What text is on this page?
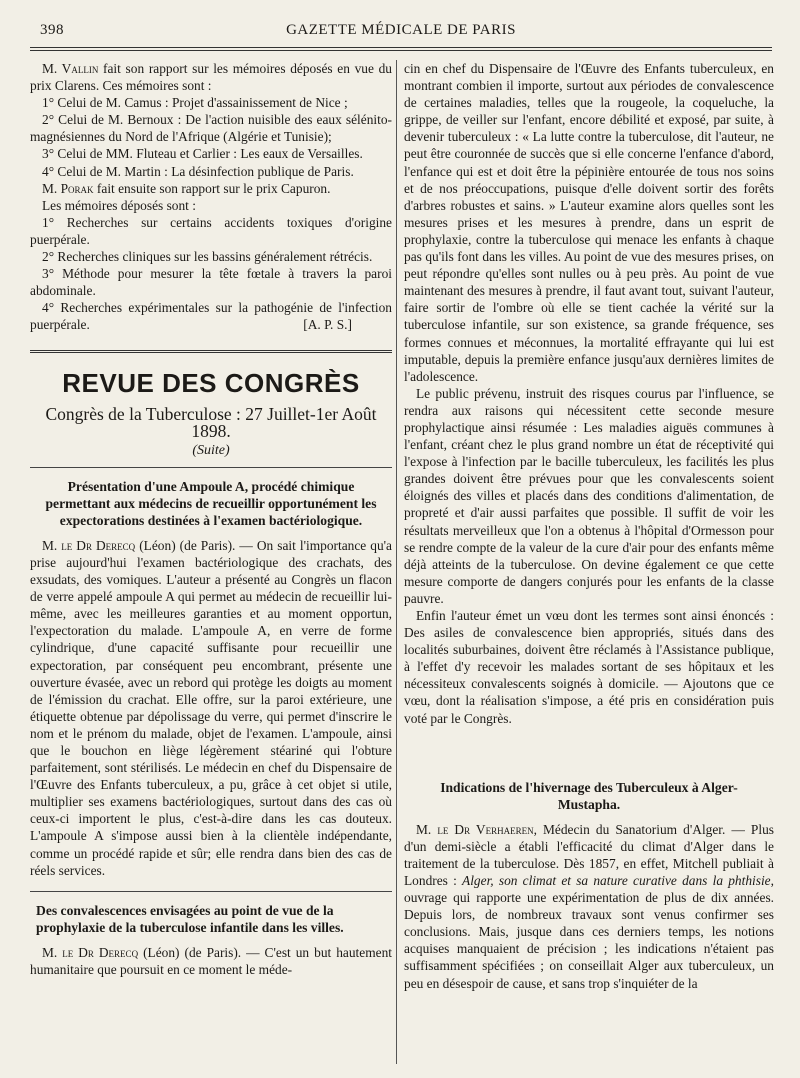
398	GAZETTE MÉDICALE DE PARIS

M. Vallin fait son rapport sur les mémoires déposés en vue du prix Clarens. Ces mémoires sont :

1° Celui de M. Camus : Projet d'assainissement de Nice ;

2° Celui de M. Bernoux : De l'action nuisible des eaux sélénito-magnésiennes du Nord de l'Afrique (Algérie et Tunisie);

3° Celui de MM. Fluteau et Carlier : Les eaux de Versailles.

4° Celui de M. Martin : La désinfection publique de Paris.

M. Porak fait ensuite son rapport sur le prix Capuron.

Les mémoires déposés sont :

1° Recherches sur certains accidents toxiques d'origine puerpérale.

2° Recherches cliniques sur les bassins généralement rétrécis.

3° Méthode pour mesurer la tête fœtale à travers la paroi abdominale.

4° Recherches expérimentales sur la pathogénie de l'infection puerpérale.	[A. P. S.]

REVUE DES CONGRÈS
Congrès de la Tuberculose : 27 Juillet-1er Août 1898.
(Suite)
Présentation d'une Ampoule A, procédé chimique permettant aux médecins de recueillir opportunément les expectorations destinées à l'examen bactériologique.

M. le Dr Derecq (Léon) (de Paris). — On sait l'importance qu'a prise aujourd'hui l'examen bactériologique des crachats, des exsudats, des vomiques. L'auteur a présenté au Congrès un flacon de verre appelé ampoule A qui permet au médecin de recueillir lui-même, avec les meilleures garanties et au moment opportun, l'expectoration du malade. L'ampoule A, en verre de forme cylindrique, d'une capacité suffisante pour recueillir une expectoration, par conséquent peu encombrant, présente une ouverture évasée, avec un rebord qui protège les doigts au moment de l'émission du crachat. Elle offre, sur la paroi extérieure, une étiquette obtenue par dépolissage du verre, qui permet d'inscrire le nom et le prénom du malade, objet de l'examen. L'ampoule, ainsi que le bouchon en liège légèrement stéariné qui l'obture parfaitement, sont stérilisés. Le médecin en chef du Dispensaire de l'Œuvre des Enfants tuberculeux, a pu, grâce à cet objet si utile, multiplier ses examens bactériologiques, surtout dans des cas où ceux-ci importent le plus, c'est-à-dire dans les cas douteux. L'ampoule A s'impose aussi bien à la clientèle indépendante, comme un procédé rapide et sûr; elle rendra dans bien des cas de réels services.

Des convalescences envisagées au point de vue de la prophylaxie de la tuberculose infantile dans les villes.

M. le Dr Derecq (Léon) (de Paris). — C'est un but hautement humanitaire que poursuit en ce moment le méde-

cin en chef du Dispensaire de l'Œuvre des Enfants tuberculeux, en montrant combien il importe, surtout aux périodes de convalescence de certaines maladies, telles que la rougeole, la coqueluche, la grippe, de veiller sur l'enfant, encore débilité et exposé, par suite, à devenir tuberculeux : « La lutte contre la tuberculose, dit l'auteur, ne peut être couronnée de succès que si elle concerne l'enfance d'abord, l'enfance qui est et doit être la pépinière entourée de tous nos soins et de nos préoccupations, puisque d'elle doivent sortir des forêts d'arbres robustes et sains. » L'auteur examine alors quelles sont les mesures prises et les mesures à prendre, dans un esprit de prophylaxie, contre la tuberculose qui menace les enfants à chaque pas qu'ils font dans les villes. Au point de vue des mesures prises, on peut répondre qu'elles sont nulles ou à peu près. Au point de vue maintenant des mesures à prendre, il faut avant tout, suivant l'auteur, faire sortir de l'ombre où elle se tient cachée la vérité sur la tuberculose infantile, sur son existence, sa grande fréquence, ses formes connues et méconnues, la mortalité effrayante qui lui est imputable, depuis la première enfance jusqu'aux dernières limites de l'adolescence.

Le public prévenu, instruit des risques courus par l'influence, se rendra aux raisons qui nécessitent cette seconde mesure prophylactique ainsi résumée : Les maladies aiguës communes à l'enfant, créant chez le plus grand nombre un état de réceptivité qui l'expose à l'infection par le bacille tuberculeux, les facilités les plus grandes doivent être prévues pour que les convalescents soient éloignés des villes et placés dans des conditions d'alimentation, de propreté et d'air aussi parfaites que possible. Il suffit de voir les résultats merveilleux que l'on a obtenus à l'hôpital d'Ormesson pour se rendre compte de la valeur de la cure d'air pour des enfants même déjà atteints de la tuberculose. On devine également ce que cette mesure comporte de dangers conjurés pour les enfants de la classe pauvre.

Enfin l'auteur émet un vœu dont les termes sont ainsi énoncés : Des asiles de convalescence bien appropriés, situés dans des localités suburbaines, doivent être réclamés à l'Assistance publique, à l'effet d'y recevoir les malades sortant de ses hôpitaux et les nécessiteux convalescents soignés à domicile. — Ajoutons que ce vœu, dont la réalisation s'impose, a été pris en considération puis voté par le Congrès.

Indications de l'hivernage des Tuberculeux à Alger-Mustapha.

M. le Dr Verhaeren, Médecin du Sanatorium d'Alger. — Plus d'un demi-siècle a établi l'efficacité du climat d'Alger dans le traitement de la tuberculose. Dès 1857, en effet, Mitchell publiait à Londres : Alger, son climat et sa nature curative dans la phthisie, ouvrage qui rapporte une expérimentation de plus de dix années. Depuis lors, de nombreux travaux sont venus confirmer ses conclusions. Mais, jusque dans ces derniers temps, les notions acquises manquaient de précision ; les indications n'étaient pas suffisamment spécifiées ; on conseillait Alger aux tuberculeux, un peu en désespoir de cause, et sans trop s'inquiéter de la
